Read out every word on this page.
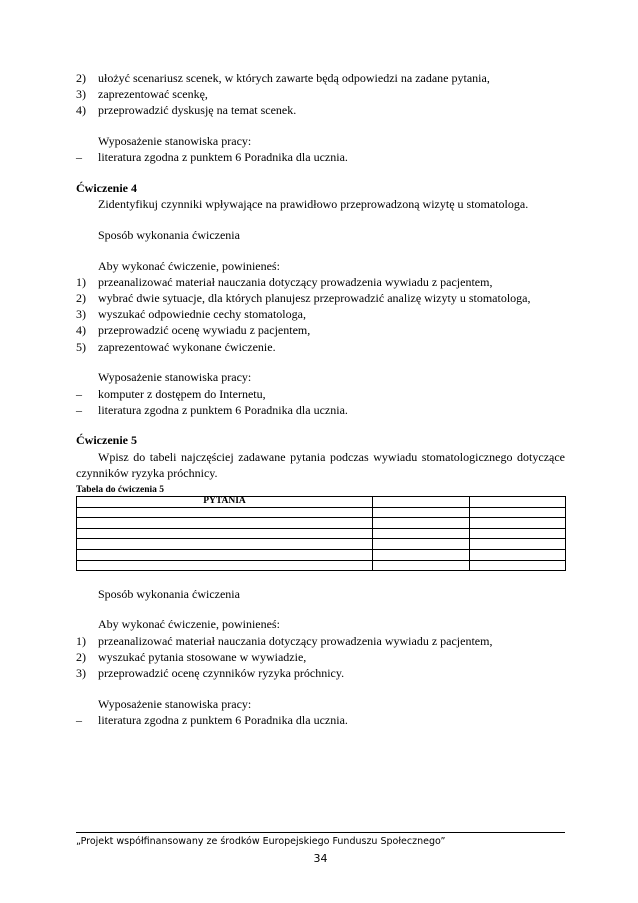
2) ułożyć scenariusz scenek, w których zawarte będą odpowiedzi na zadane pytania,
3) zaprezentować scenkę,
4) przeprowadzić dyskusję na temat scenek.
Wyposażenie stanowiska pracy:
– literatura zgodna z punktem 6 Poradnika dla ucznia.
Ćwiczenie 4
Zidentyfikuj czynniki wpływające na prawidłowo przeprowadzoną wizytę u stomatologa.
Sposób wykonania ćwiczenia
Aby wykonać ćwiczenie, powinieneś:
1) przeanalizować materiał nauczania dotyczący prowadzenia wywiadu z pacjentem,
2) wybrać dwie sytuacje, dla których planujesz przeprowadzić analizę wizyty u stomatologa,
3) wyszukać odpowiednie cechy stomatologa,
4) przeprowadzić ocenę wywiadu z pacjentem,
5) zaprezentować wykonane ćwiczenie.
Wyposażenie stanowiska pracy:
– komputer z dostępem do Internetu,
– literatura zgodna z punktem 6 Poradnika dla ucznia.
Ćwiczenie 5
Wpisz do tabeli najczęściej zadawane pytania podczas wywiadu stomatologicznego dotyczące czynników ryzyka próchnicy.
Tabela do ćwiczenia 5
PYTANIA		

Sposób wykonania ćwiczenia
Aby wykonać ćwiczenie, powinieneś:
1) przeanalizować materiał nauczania dotyczący prowadzenia wywiadu z pacjentem,
2) wyszukać pytania stosowane w wywiadzie,
3) przeprowadzić ocenę czynników ryzyka próchnicy.
Wyposażenie stanowiska pracy:
– literatura zgodna z punktem 6 Poradnika dla ucznia.
„Projekt współfinansowany ze środków Europejskiego Funduszu Społecznego”
34
